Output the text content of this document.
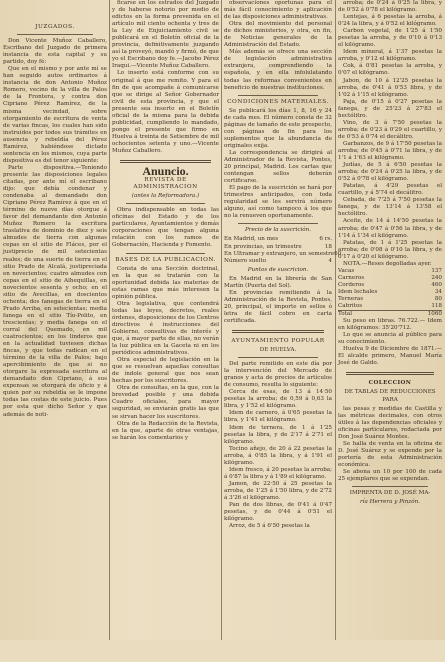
JUZGADOS.

Don Vicente Muñoz Caballero, Escribano del Juzgado de primera instancia de esta capital y su partido, doy fé:

Que en el mismo y por ante mí se han seguido autos ordinarios á instancia de don Antonio Muñoz Romero, vecino de la villa de Palos de la Frontera, y contra don Cipriano Pérez Ramírez, de la misma vecindad, sobre otorgamiento de escritura de venta de varias fincas, los cuales han sido instruidos por todos sus trámites en ausencia y rebeldía del Pérez Ramírez, habiéndose dictado sentencia en los mismos, cuya parte dispositiva es del tenor siguiente:

Parte dispositiva.—Teniendo presente las disposiciones legales citadas, por ante mí el escribano dijo: que debía condenar y condenaba al demandado don Cipriano Pérez Ramírez á que en el término de nueve días otorgue á favor del demandante don Antonio Muñoz Romero la escritura traslativa de dominio de diez y seis almudes de tierra con algunas cepas en el sitio de Fláces, por el justiprecio de mil setecientas reales; de una suerte de tierra en el sitio Prado de Alcalá, justipreciada en novecientos; cuatro almudes con cepas en el sitio de Alhequillas, en novecientos sesenta y ocho; en el sitio de Avecillas, en doscientos ochenta; dos fanegas de tierra en el Prado Arriba, en setecientas; media fanega en el sitio Tío-Polito, en trescientas; y media fanega en el corral del Quemado, en mil cuatrocientos; en los linderos que en la actualidad tuviesen dichas fincas, y que todas radican en el término de la villa de Palos; bajo apercibimiento de que si no otorgare la expresada escritura al demandado don Cipriano, á sus expensas se otorgará de oficio y á quien por su rebeldía se le impone todas las costas de este juicio. Pues por esta que dicho Señor y que además de noti-

ficarse en los estrados del Juzgado y de haberse notorio por medio de edictos en la forma prevenida en el artículo mil ciento ochenta y tres de la Ley de Enjuiciamiento civil se publicará en el Boletín oficial de la provincia, definitivamente juzgando así la proveyó, mandó y firmó, de que yo el Escribano doy fe.—Jacobo Pérez Iraqui.—Vicente Muñoz Caballero.

Lo inserto está conforme con su original á que me remito. Y para el fin de que acompañe á comunicarse que se dirige al Señor Gobernador civil de esta provincia, y que el presente sea inserto en el Boletín oficial de la misma para la debida publicidad, cumpliendo lo mandado, pongo el presente que firmo en Huelva á treinta de Setiembre de mil ochocientos setenta y uno.—Vicente Muñoz Caballero.

Anuncio.
REVISTA DE ADMINISTRACION
(antes la Reformadora.)

Obra indispensable en todas las oficinas del Estado y de los particulares, Ayuntamientos y demás corporaciones que tengan alguna relación con los ramos de Gobernación, Hacienda y Fomento.

BASES DE LA PUBLICACION.

Consta de una Sección doctrinal, en la que se tratarán con la oportunidad debida las materias de estas ramas que más interesen la opinión pública.

Otra legislativa, que contendrá todas las leyes, decretos, reales órdenes, disposiciones de los Centros directivos é instrucciones del Gobierno, consultivas de interés y que, á mayor parte de ellas, no verán la luz pública en la Gaceta ni en los periódicos administrativos.

Otra especial de legislación en la que se resuelvan aquellas consultas de índole general que nos sean hechas por los suscritores.

Otra de consultas, en la que, con la brevedad posible y una debida Cuadro oficiales, para mayor seguridad, se enviarán gratis las que se sirvan hacer los suscritores.

Otra de la Redacción de la Revista, en la que, aparte de otras ventajas, se harán los comentarios y

observaciones oportunas para el más fácil conocimiento y aplicación de las disposiciones administrativas.

Otra del movimiento del personal de dichos ministerios, y otra, en fin, de Noticias generales de la Administración del Estado.

Más además se ofrece una sección de legislación administrativa extranjera, comprendiendo la española, y en ella infolulatando todas las reformas convenientes en beneficio de nuestras instituciones.

CONDICIONES MATERIALES.

Se publicará los días 1, 8, 16 y 24 de cada mes. El número consta de 32 páginas de tamaño de este prospecto, con páginas de fin para los suplementos que la abundancia de originales exija.

La correspondencia se dirigirá al Administrador de la Revista, Pontes, 20 principal, Madrid. Los cartas que contengan sellos deberán certificarse.

El pago de la suscrición se hará por trimestres anticipados, con toda regularidad se les servirá número alguno, así como tampoco á los que no la renueven oportunamente.

Precio de la suscrición.
En Madrid, un mes	6 rs.
En provincias, un trimestre	18
En Ultramar y extranjero, un semestre 60
Número suelto	4
Puntos de suscricion.

En Madrid en la librería de San Martín (Puerta del Sol).

En provincias remitiendo á la Administración de la Revista, Pontes, 20, principal, el importe en sellos ó letra de fácil cobro en carta certificada.

AYUNTAMIENTO POPULAR
DE HUELVA.

Del parte remitido en este día por la intervención del Mercado de granos y acta de precios de artículos de consumo, resulta lo siguiente:

Cerca de esas, de 13 á 14·50 pesetas la arroba; de 0,59 á 0,63 la libra, y 1'52 el kilógramo.

Idem de carnero, á 0'65 pesetas la libra, y 1'41 el kilógramo.

Idem de ternera, de 1 á 1'25 pesetas la libra, y de 2'17 á 2'71 el kilógramo.

Tocino añejo, de 20 á 22 pesetas la arroba, á 0'85 la libra, y á 1'91 el kilógramo.

Idem fresco, á 20 pesetas la arroba; á 0'87 la libra y á 1'89 el kilógramo.

Jamon, de 22·50 á 25 pesetas la arroba, de 1'25 á 1'50 libra, y de 2'72 á 3'26 el kilógramo.

Pan de dos libras, de 0'41 á 0'47 pesetas, y de 0'44 á 0'51 el kilógramo.

Arroz, de 5 á 6'50 pesetas la

arroba; de 0'24 á 0'25 la libra, y de 0'52 á 0'78 el kilógramo.

Lentejas, á 6 pesetas la arroba, á 0'24 la libra, y á 0'52 el kilógramo.

Carbon vegetal, de 1'25 á 1'50 pesetas la arroba, y de 0'10 á 0'13 el kilógramo.

Idem mineral, á 1'37 pesetas la arroba, y 0'12 el kilógramo.

Cok, á 0'81 pesetas la arroba, y 0'07 el kilógramo.

Jabon, de 10 á 12'25 pesetas la arroba, de 0'41 á 0'53 libra, y de 1'02 á 1'15 el kilógramo.

Paja, de 0'15 á 0'27 pesetas la fanega, y de 25'23 á 27'83 el hectólitro.

Vino, de 3 á 7'50 pesetas la arroba; de 0'23 á 0'29 el cuartillo, y de 0'53 á 0'74 el decálitro.

Garbanzos, de 9 á 17'50 pesetas la arroba; de 0'45 á 0'71 la libra, y de 1'1 á 1'63 el kilógramo.

Judías, de 5 á 6'50 pesetas la arroba; de 0'24 á 0'25 la libra, y de 0'52 á 0'78 el kilógramo.

Patatas, á 4'29 pesetas el cuartillo, y á 5'74 el decálitro.

Cebada, de 7'25 á 7'50 pesetas la fanega, y de 13'14 á 13'58 el hectólitro.

Aceite, de 14 á 14'50 pesetas la arroba; de 0'47 á 0'56 la libra, y de 1'14 á 1'34 el kilógramo.

Patatas, de 1 á 1'25 pesetas la arroba; de 0'08 á 0'10 la libra, y de 0'17 á 0'20 el kilógramo.

NOTA.—Reses degolladas ayer.
Vacas	137
Carneros	240
Corderos	460
Idem lechales	34
Terneras	80
Cabritos	118
Total	1060

Su peso en libras. 76.722.— Idem en kilógramos: 35'20'712.

Lo que se anuncia al público para su conocimiento.

Huelva 9 de Diciembre de 1871.—El alcalde primero, Manuel María José de Galdo.

COLECCION
DE TABLAS DE REDUCCIONES PARA

las pesas y medidas de Castilla y las métricas decimales, con otros útiles á las dependencias oficiales y oficinas particulares, redactada por Don José Suárez Montes.

Se halla de venta en la oficina de D. José Suárez y se expende por la portería de esta Administración económica.

Se abona un 10 por 100 de cada 25 ejemplares que se expendan.

IMPRENTA DE D. JOSÉ MA-
ría Herrera y Pinzón.
